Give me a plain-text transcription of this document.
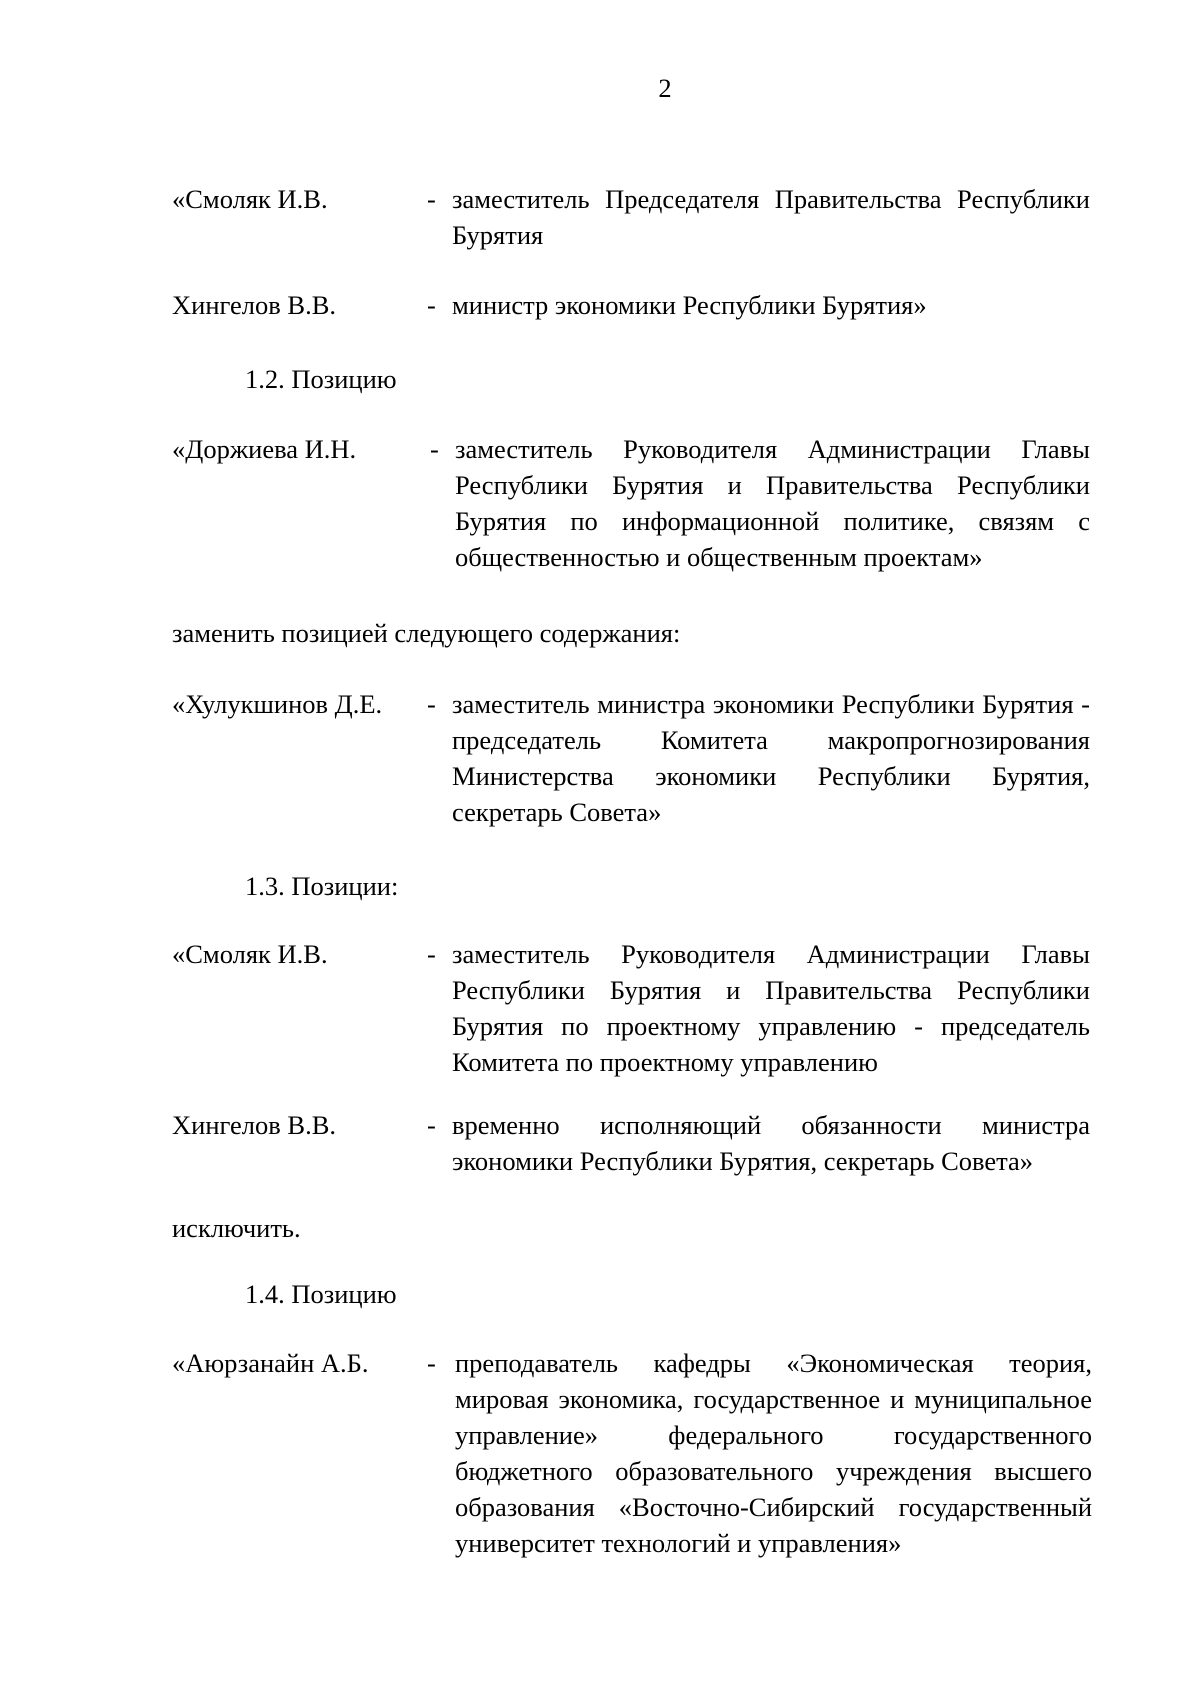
2
«Смоляк И.В.	- заместитель Председателя Правительства Республики Бурятия
Хингелов В.В.	- министр экономики Республики Бурятия»
1.2. Позицию
«Доржиева И.Н.	- заместитель Руководителя Администрации Главы Республики Бурятия и Правительства Республики Бурятия по информационной политике, связям с общественностью и общественным проектам»
заменить позицией следующего содержания:
«Хулукшинов Д.Е. - заместитель министра экономики Республики Бурятия - председатель Комитета макропрогнозирования Министерства экономики Республики Бурятия, секретарь Совета»
1.3. Позиции:
«Смоляк И.В.	- заместитель Руководителя Администрации Главы Республики Бурятия и Правительства Республики Бурятия по проектному управлению - председатель Комитета по проектному управлению
Хингелов В.В.	- временно исполняющий обязанности министра экономики Республики Бурятия, секретарь Совета»
исключить.
1.4. Позицию
«Аюрзанайн А.Б. - преподаватель кафедры «Экономическая теория, мировая экономика, государственное и муниципальное управление» федерального государственного бюджетного образовательного учреждения высшего образования «Восточно-Сибирский государственный университет технологий и управления»
